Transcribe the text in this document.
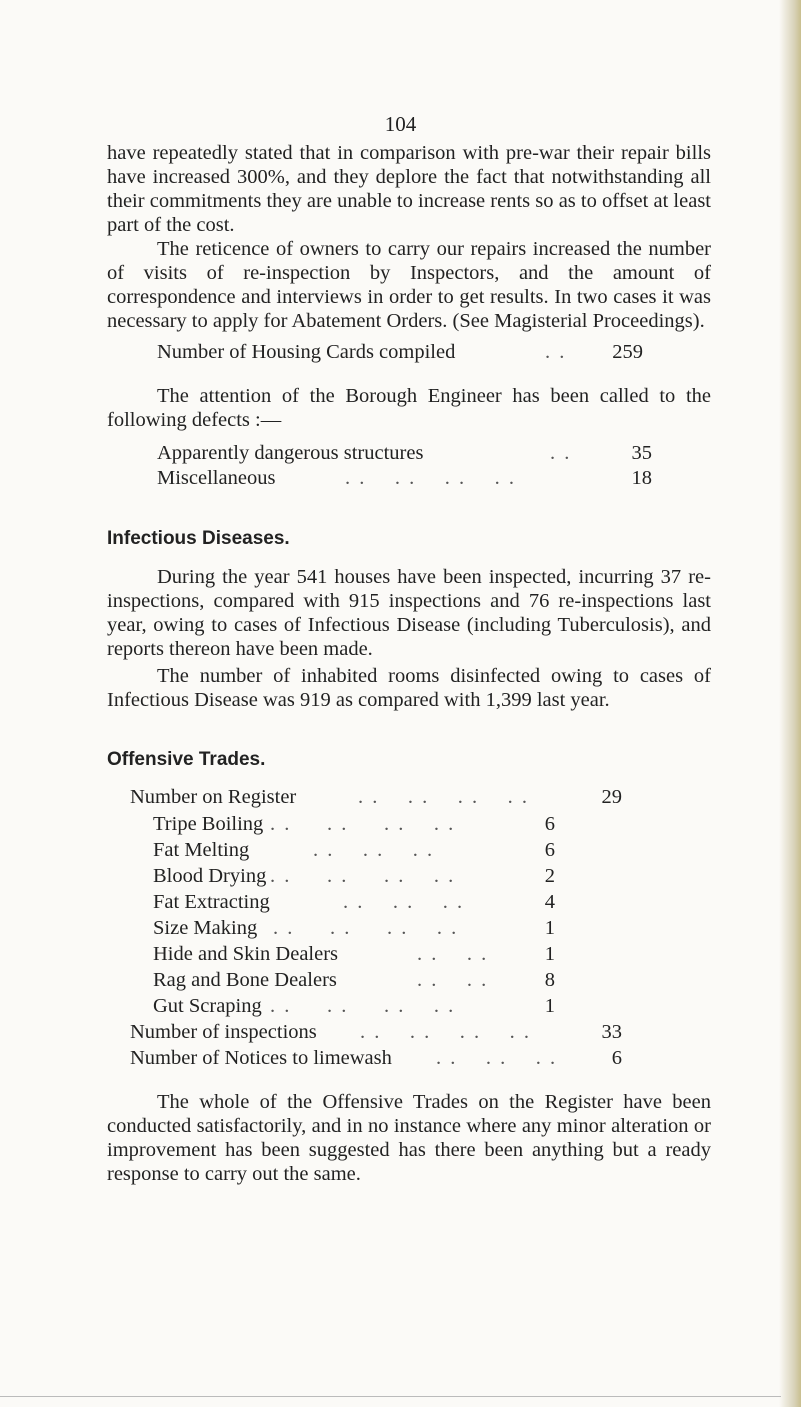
104

have repeatedly stated that in comparison with pre-war their repair bills have increased 300%, and they deplore the fact that notwithstanding all their commitments they are unable to increase rents so as to offset at least part of the cost.

The reticence of owners to carry our repairs increased the number of visits of re-inspection by Inspectors, and the amount of correspondence and interviews in order to get results. In two cases it was necessary to apply for Abatement Orders. (See Magisterial Proceedings).

Number of Housing Cards compiled	. .	259

The attention of the Borough Engineer has been called to the following defects :—

Apparently dangerous structures	. .	35
Miscellaneous	. .    . .    . .    . .	18
Infectious Diseases.

During the year 541 houses have been inspected, incurring 37 re-inspections, compared with 915 inspections and 76 re-inspections last year, owing to cases of Infectious Disease (including Tuberculosis), and reports thereon have been made.

The number of inhabited rooms disinfected owing to cases of Infectious Disease was 919 as compared with 1,399 last year.

Offensive Trades.
Number on Register	. .    . .    . .    . .	29
Tripe Boiling . .     . .     . .    . .	6
Fat Melting	. .    . .    . .	6
Blood Drying . .     . .     . .    . .	2
Fat Extracting	. .    . .    . .	4
Size Making . .     . .     . .    . .	1
Hide and Skin Dealers	. .    . .	1
Rag and Bone Dealers	. .    . .	8
Gut Scraping . .     . .     . .    . .	1
Number of inspections . .    . .    . .    . .	33
Number of Notices to limewash . .    . .    . .	6

The whole of the Offensive Trades on the Register have been conducted satisfactorily, and in no instance where any minor alteration or improvement has been suggested has there been anything but a ready response to carry out the same.
